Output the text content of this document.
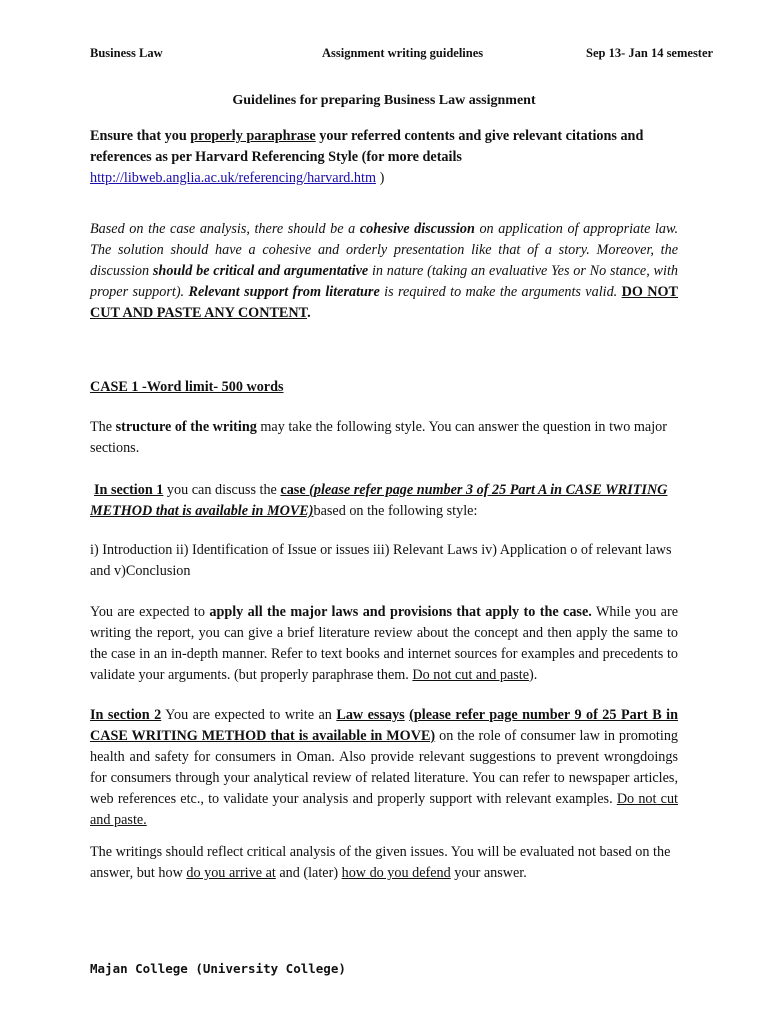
Business Law	Assignment writing guidelines	Sep 13- Jan 14 semester
Guidelines for preparing Business Law assignment

Ensure that you properly paraphrase your referred contents and give relevant citations and references as per Harvard Referencing Style (for more details
http://libweb.anglia.ac.uk/referencing/harvard.htm )

Based on the case analysis, there should be a cohesive discussion on application of appropriate law. The solution should have a cohesive and orderly presentation like that of a story. Moreover, the discussion should be critical and argumentative in nature (taking an evaluative Yes or No stance, with proper support). Relevant support from literature is required to make the arguments valid. DO NOT CUT AND PASTE ANY CONTENT.

CASE 1 -Word limit- 500 words

The structure of the writing may take the following style. You can answer the question in two major sections.

In section 1 you can discuss the case (please refer page number 3 of 25 Part A in CASE WRITING METHOD that is available in MOVE)based on the following style:

i) Introduction ii) Identification of Issue or issues iii) Relevant Laws iv) Application o of relevant laws and v)Conclusion

You are expected to apply all the major laws and provisions that apply to the case. While you are writing the report, you can give a brief literature review about the concept and then apply the same to the case in an in-depth manner. Refer to text books and internet sources for examples and precedents to validate your arguments. (but properly paraphrase them. Do not cut and paste).

In section 2 You are expected to write an Law essays (please refer page number 9 of 25 Part B in CASE WRITING METHOD that is available in MOVE) on the role of consumer law in promoting health and safety for consumers in Oman. Also provide relevant suggestions to prevent wrongdoings for consumers through your analytical review of related literature. You can refer to newspaper articles, web references etc., to validate your analysis and properly support with relevant examples. Do not cut and paste.

The writings should reflect critical analysis of the given issues. You will be evaluated not based on the answer, but how do you arrive at and (later) how do you defend your answer.

Majan College (University College)
